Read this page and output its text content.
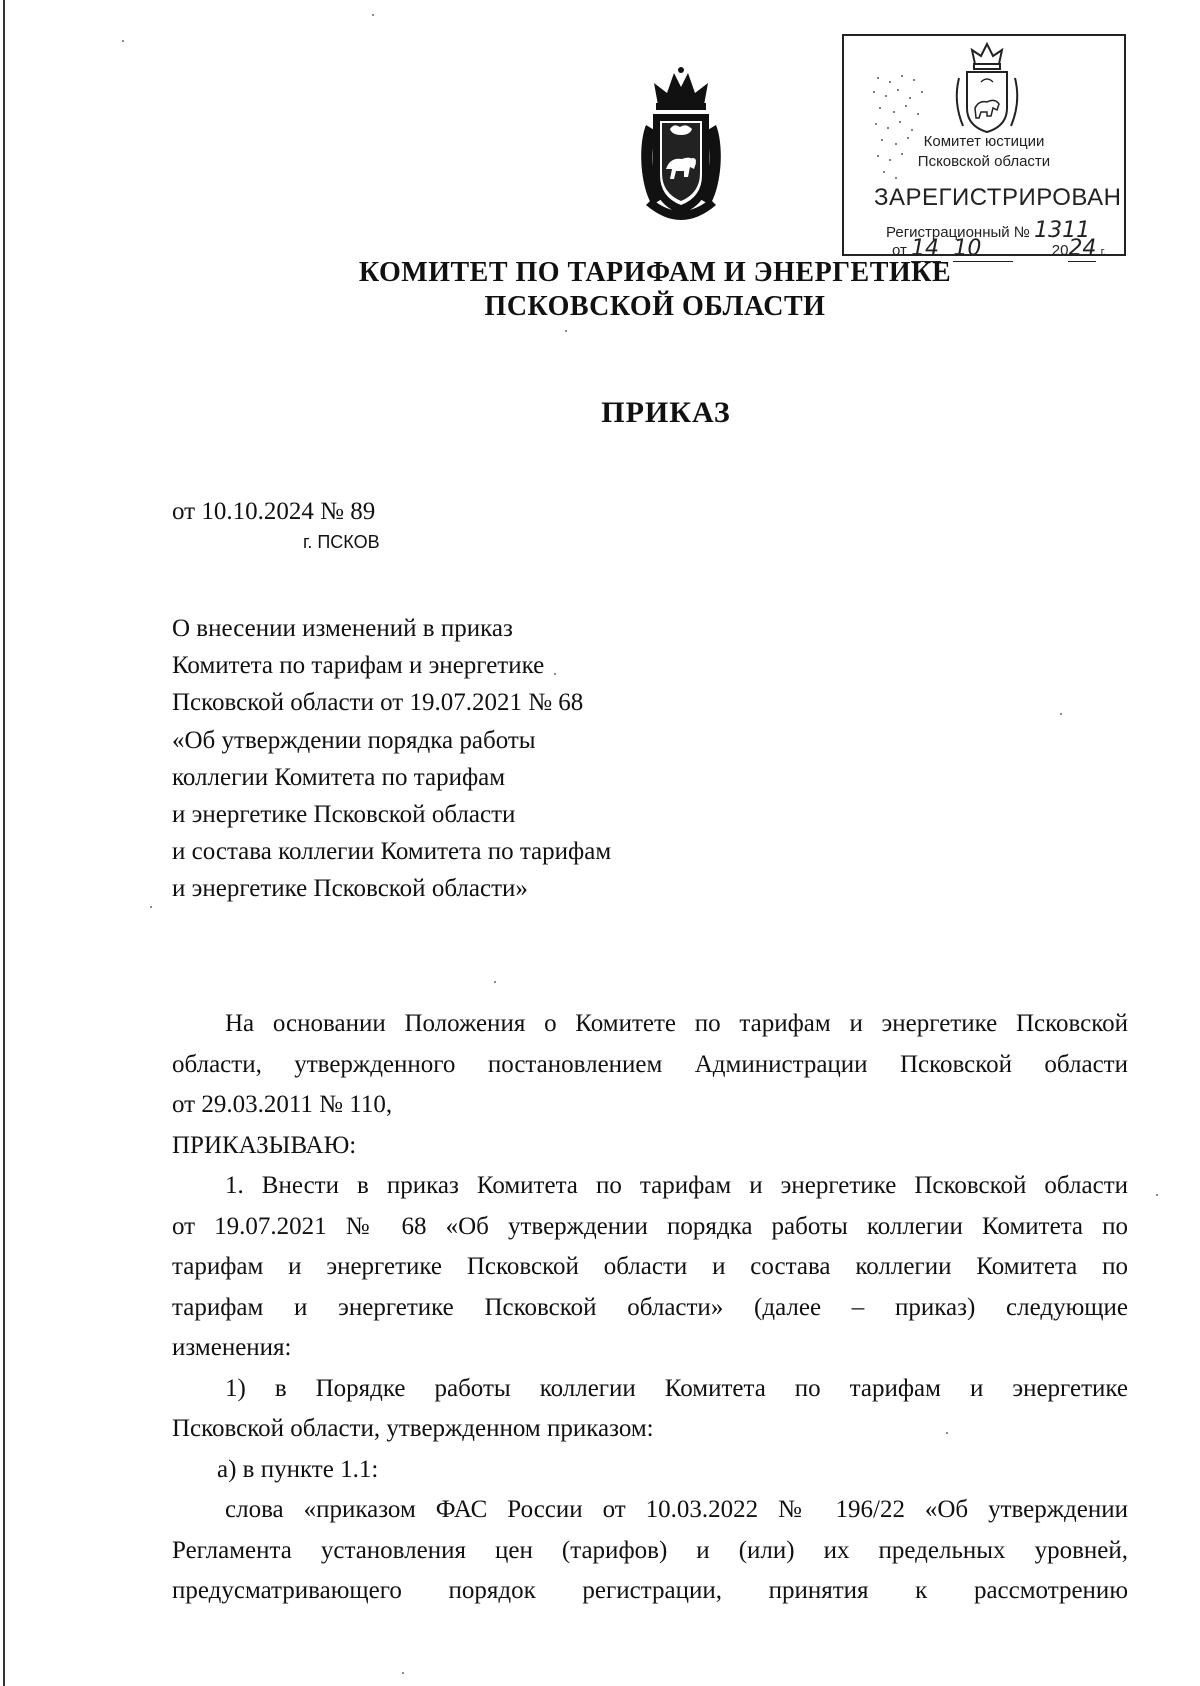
Комитет юстиции
Псковской области
ЗАРЕГИСТРИРОВАН
Регистрационный № 1311
от 14 10	2024 г.
КОМИТЕТ ПО ТАРИФАМ И ЭНЕРГЕТИКЕ
ПСКОВСКОЙ ОБЛАСТИ
ПРИКАЗ
от 10.10.2024 № 89
г. ПСКОВ
О внесении изменений в приказ
Комитета по тарифам и энергетике
Псковской области от 19.07.2021 № 68
«Об утверждении порядка работы
коллегии Комитета по тарифам
и энергетике Псковской области
и состава коллегии Комитета по тарифам
и энергетике Псковской области»
На основании Положения о Комитете по тарифам и энергетике Псковской
области, утвержденного постановлением Администрации Псковской области
от 29.03.2011 № 110,
ПРИКАЗЫВАЮ:
1. Внести в приказ Комитета по тарифам и энергетике Псковской области
от 19.07.2021 № 68 «Об утверждении порядка работы коллегии Комитета по
тарифам и энергетике Псковской области и состава коллегии Комитета по
тарифам и энергетике Псковской области» (далее – приказ) следующие
изменения:
1) в Порядке работы коллегии Комитета по тарифам и энергетике
Псковской области, утвержденном приказом:
а) в пункте 1.1:
слова «приказом ФАС России от 10.03.2022 № 196/22 «Об утверждении
Регламента установления цен (тарифов) и (или) их предельных уровней,
предусматривающего порядок регистрации, принятия к рассмотрению
